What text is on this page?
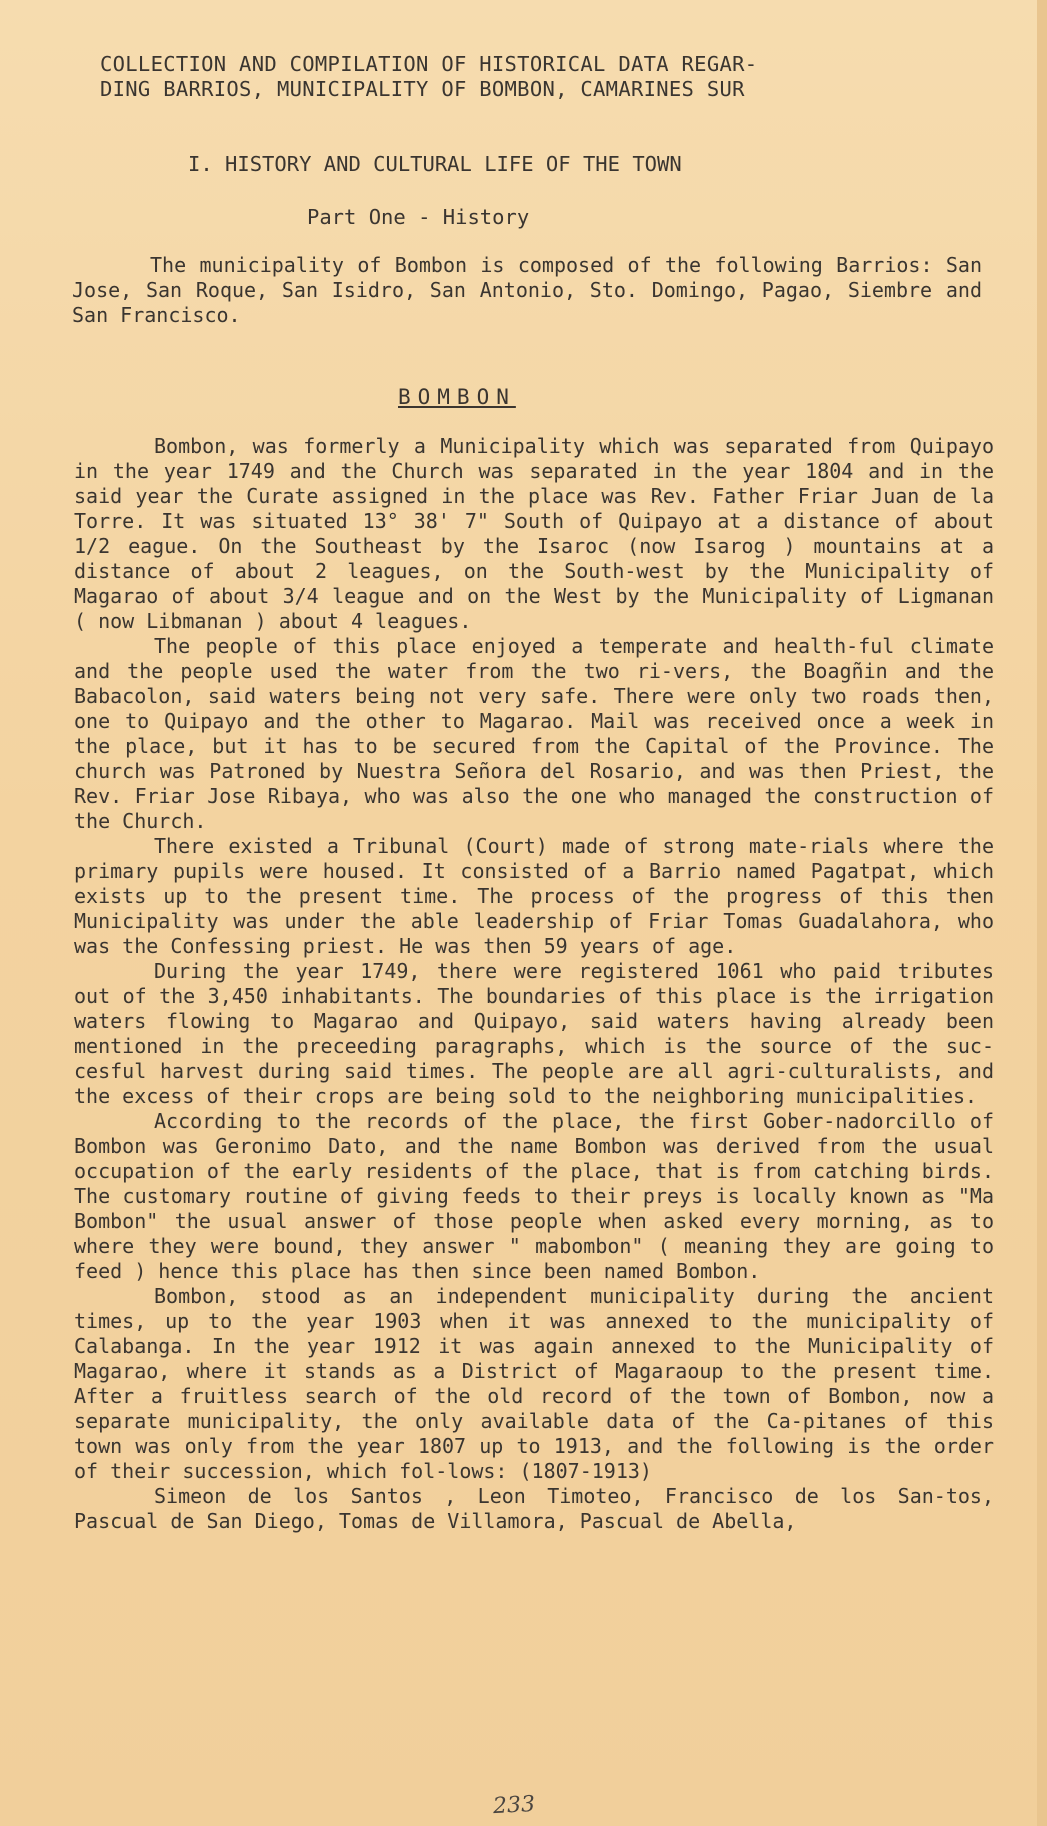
COLLECTION AND COMPILATION OF HISTORICAL DATA REGAR-
DING BARRIOS, MUNICIPALITY OF BOMBON, CAMARINES SUR
I. HISTORY AND CULTURAL LIFE OF THE TOWN
Part One - History

The municipality of Bombon is composed of the following Barrios: San Jose, San Roque, San Isidro, San Antonio, Sto. Domingo, Pagao, Siembre and San Francisco.

BOMBON

Bombon, was formerly a Municipality which was separated from Quipayo in the year 1749 and the Church was separated in the year 1804 and in the said year the Curate assigned in the place was Rev. Father Friar Juan de la Torre. It was situated 13° 38' 7" South of Quipayo at a distance of about 1/2 eague. On the Southeast by the Isaroc (now Isarog ) mountains at a distance of about 2 leagues, on the South-west by the Municipality of Magarao of about 3/4 league and on the West by the Municipality of Ligmanan ( now Libmanan ) about 4 leagues.

The people of this place enjoyed a temperate and health-ful climate and the people used the water from the two ri-vers, the Boagñin and the Babacolon, said waters being not very safe. There were only two roads then, one to Quipayo and the other to Magarao. Mail was received once a week in the place, but it has to be secured from the Capital of the Province. The church was Patroned by Nuestra Señora del Rosario, and was then Priest, the Rev. Friar Jose Ribaya, who was also the one who managed the construction of the Church.

There existed a Tribunal (Court) made of strong mate-rials where the primary pupils were housed. It consisted of a Barrio named Pagatpat, which exists up to the present time. The process of the progress of this then Municipality was under the able leadership of Friar Tomas Guadalahora, who was the Confessing priest. He was then 59 years of age.

During the year 1749, there were registered 1061 who paid tributes out of the 3,450 inhabitants. The boundaries of this place is the irrigation waters flowing to Magarao and Quipayo, said waters having already been mentioned in the preceeding paragraphs, which is the source of the suc-cesful harvest during said times. The people are all agri-culturalists, and the excess of their crops are being sold to the neighboring municipalities.

According to the records of the place, the first Gober-nadorcillo of Bombon was Geronimo Dato, and the name Bombon was derived from the usual occupation of the early residents of the place, that is from catching birds. The customary routine of giving feeds to their preys is locally known as "Ma Bombon" the usual answer of those people when asked every morning, as to where they were bound, they answer " mabombon" ( meaning they are going to feed ) hence this place has then since been named Bombon.

Bombon, stood as an independent municipality during the ancient times, up to the year 1903 when it was annexed to the municipality of Calabanga. In the year 1912 it was again annexed to the Municipality of Magarao, where it stands as a District of Magaraoup to the present time. After a fruitless search of the old record of the town of Bombon, now a separate municipality, the only available data of the Ca-pitanes of this town was only from the year 1807 up to 1913, and the following is the order of their succession, which fol-lows: (1807-1913)

Simeon de los Santos , Leon Timoteo, Francisco de los San-tos, Pascual de San Diego, Tomas de Villamora, Pascual de Abella,

233
